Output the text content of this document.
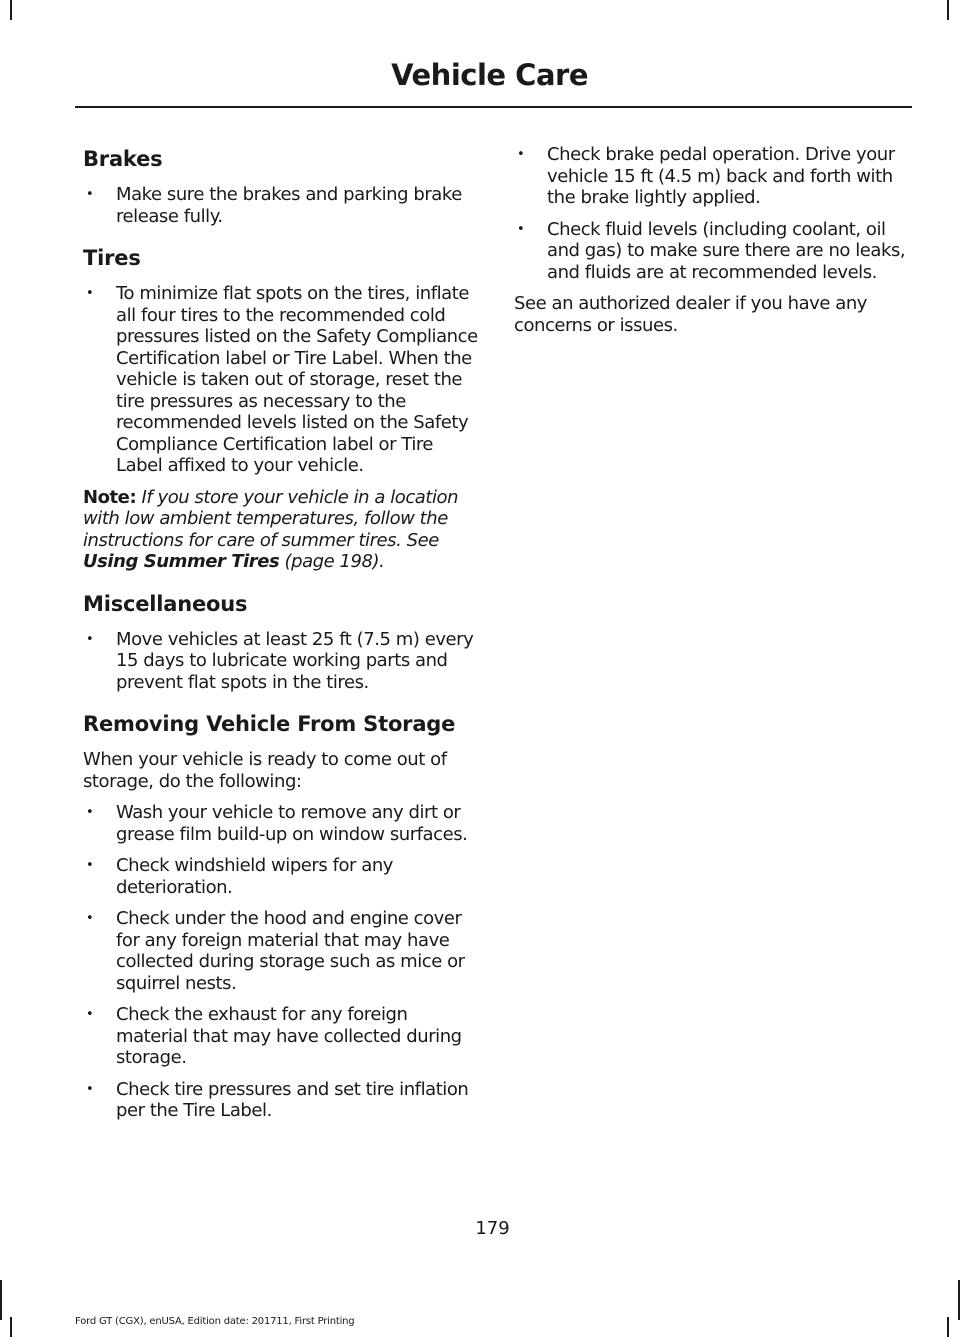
Vehicle Care
Brakes
• Make sure the brakes and parking brake release fully.
Tires
• To minimize flat spots on the tires, inflate all four tires to the recommended cold pressures listed on the Safety Compliance Certification label or Tire Label. When the vehicle is taken out of storage, reset the tire pressures as necessary to the recommended levels listed on the Safety Compliance Certification label or Tire Label affixed to your vehicle.

Note: If you store your vehicle in a location with low ambient temperatures, follow the instructions for care of summer tires. See Using Summer Tires (page 198).

Miscellaneous
• Move vehicles at least 25 ft (7.5 m) every 15 days to lubricate working parts and prevent flat spots in the tires.
Removing Vehicle From Storage

When your vehicle is ready to come out of storage, do the following:

• Wash your vehicle to remove any dirt or grease film build-up on window surfaces.
• Check windshield wipers for any deterioration.
• Check under the hood and engine cover for any foreign material that may have collected during storage such as mice or squirrel nests.
• Check the exhaust for any foreign material that may have collected during storage.
• Check tire pressures and set tire inflation per the Tire Label.
• Check brake pedal operation. Drive your vehicle 15 ft (4.5 m) back and forth with the brake lightly applied.
• Check fluid levels (including coolant, oil and gas) to make sure there are no leaks, and fluids are at recommended levels.

See an authorized dealer if you have any concerns or issues.

179
Ford GT (CGX), enUSA, Edition date: 201711, First Printing
